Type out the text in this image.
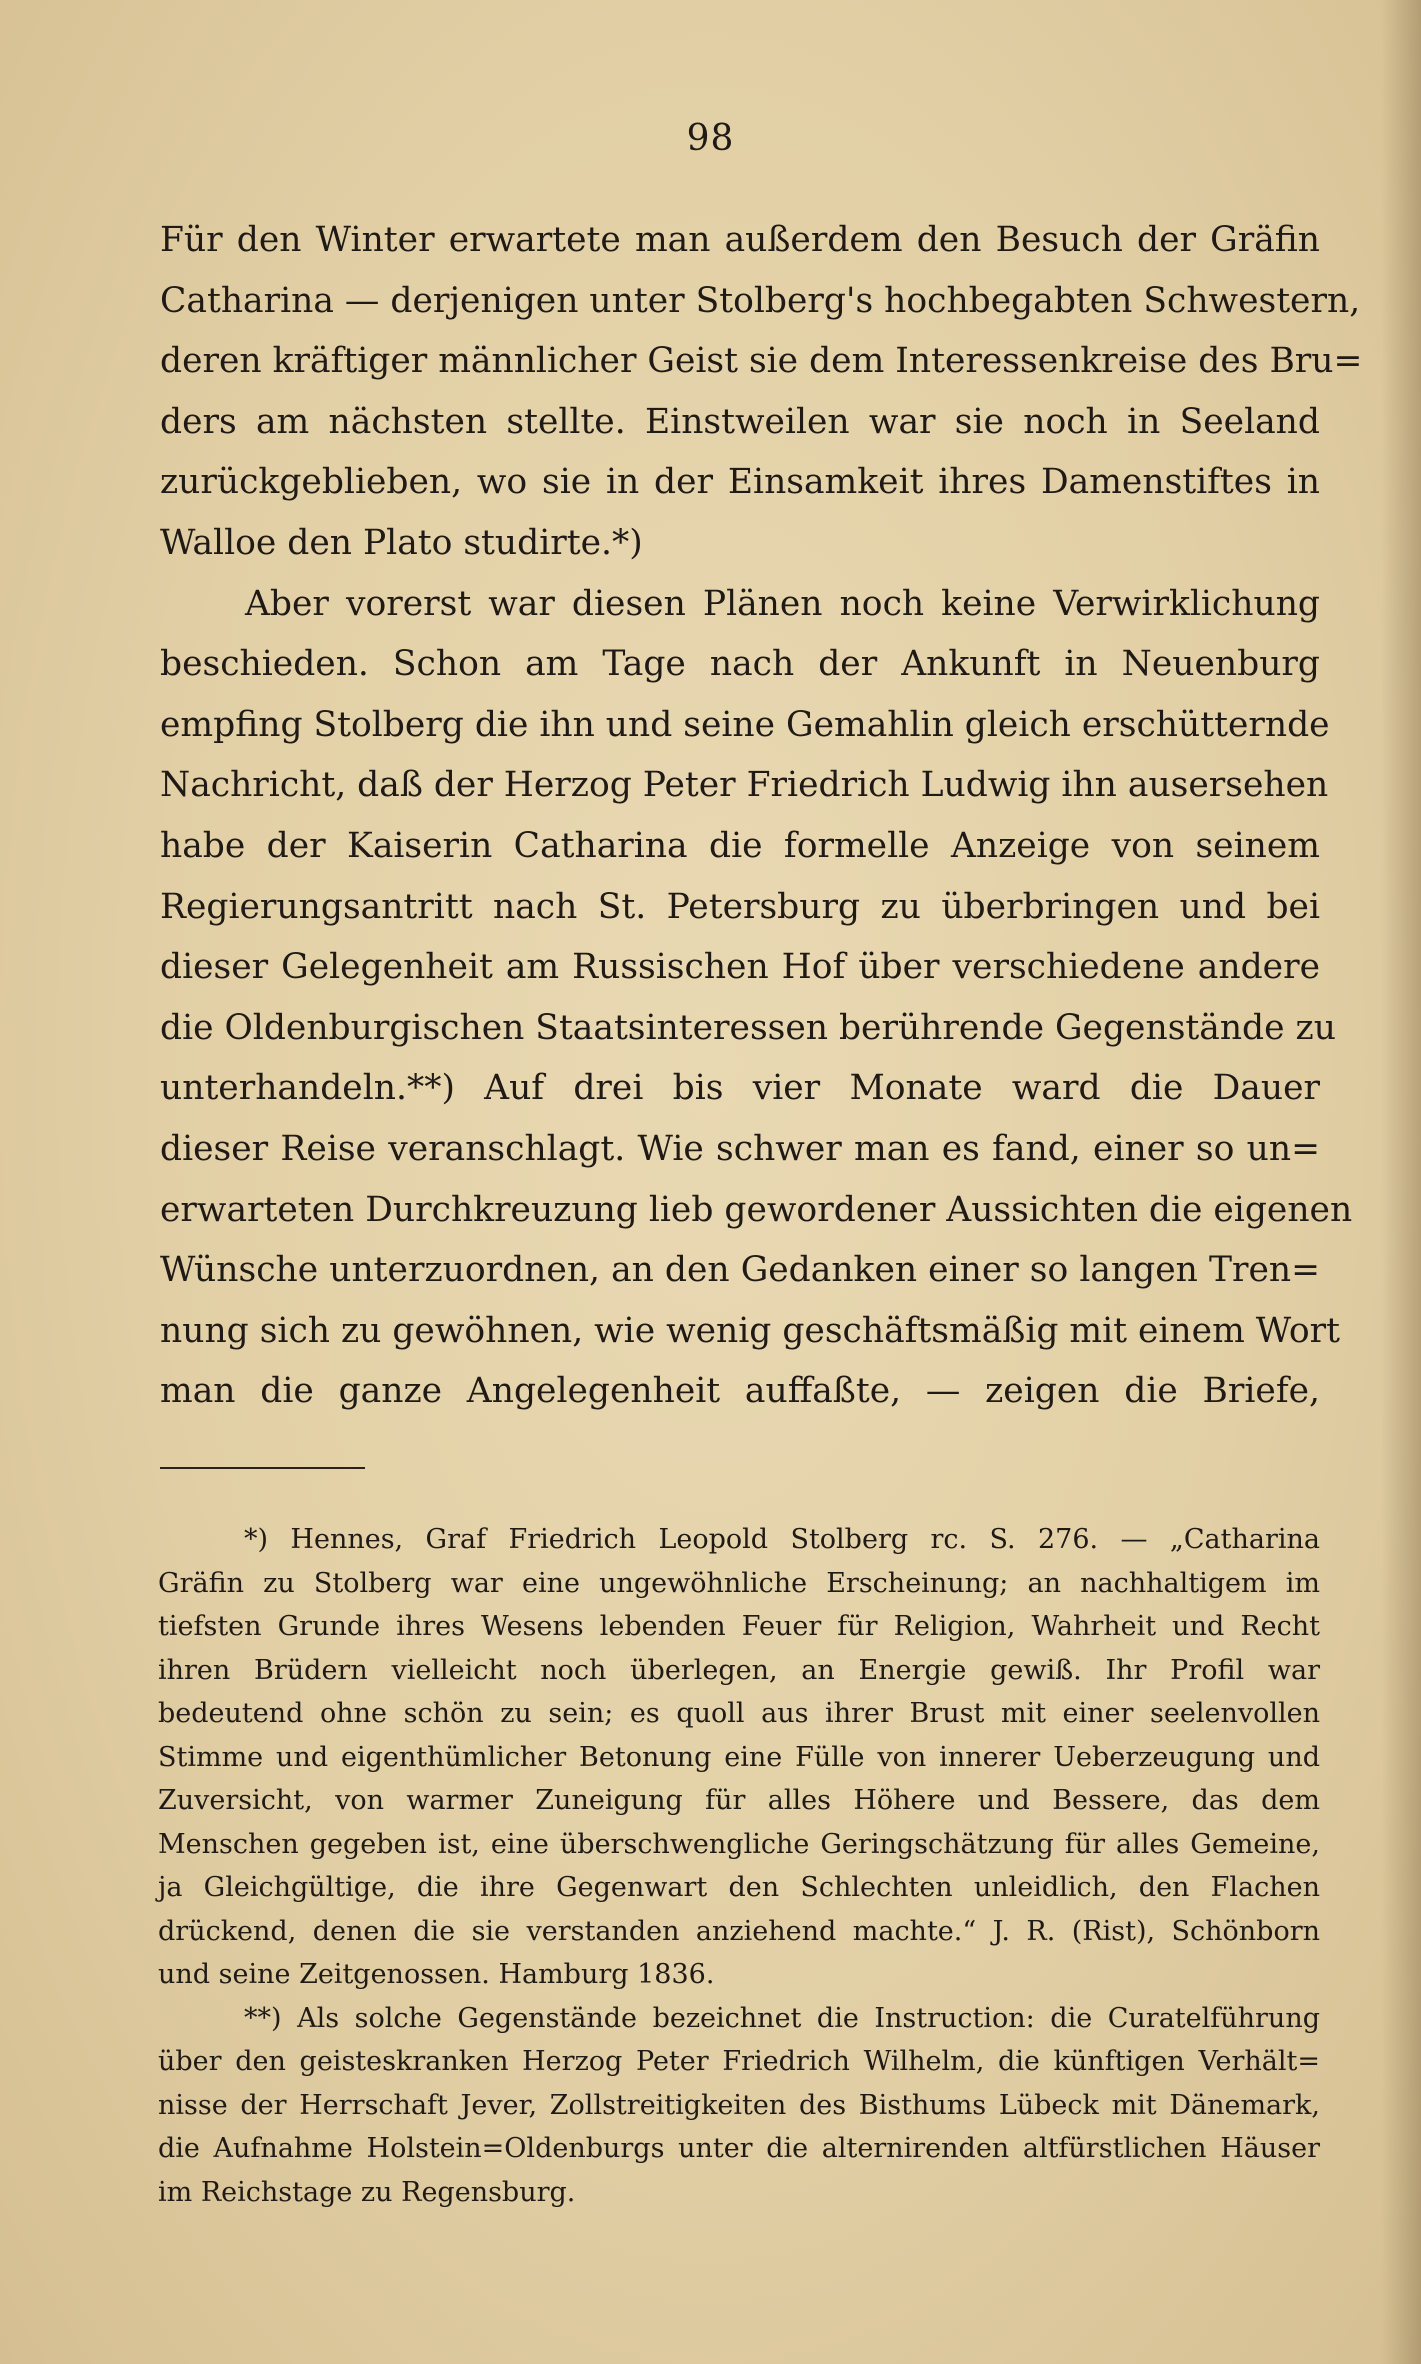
98
Für den Winter erwartete man außerdem den Besuch der Gräfin
Catharina — derjenigen unter Stolberg's hochbegabten Schwestern,
deren kräftiger männlicher Geist sie dem Interessenkreise des Bru=
ders am nächsten stellte. Einstweilen war sie noch in Seeland
zurückgeblieben, wo sie in der Einsamkeit ihres Damenstiftes in
Walloe den Plato studirte.*)
Aber vorerst war diesen Plänen noch keine Verwirklichung
beschieden. Schon am Tage nach der Ankunft in Neuenburg
empfing Stolberg die ihn und seine Gemahlin gleich erschütternde
Nachricht, daß der Herzog Peter Friedrich Ludwig ihn ausersehen
habe der Kaiserin Catharina die formelle Anzeige von seinem
Regierungsantritt nach St. Petersburg zu überbringen und bei
dieser Gelegenheit am Russischen Hof über verschiedene andere
die Oldenburgischen Staatsinteressen berührende Gegenstände zu
unterhandeln.**) Auf drei bis vier Monate ward die Dauer
dieser Reise veranschlagt. Wie schwer man es fand, einer so un=
erwarteten Durchkreuzung lieb gewordener Aussichten die eigenen
Wünsche unterzuordnen, an den Gedanken einer so langen Tren=
nung sich zu gewöhnen, wie wenig geschäftsmäßig mit einem Wort
man die ganze Angelegenheit auffaßte, — zeigen die Briefe,
*) Hennes, Graf Friedrich Leopold Stolberg rc. S. 276. — „Catharina
Gräfin zu Stolberg war eine ungewöhnliche Erscheinung; an nachhaltigem im
tiefsten Grunde ihres Wesens lebenden Feuer für Religion, Wahrheit und Recht
ihren Brüdern vielleicht noch überlegen, an Energie gewiß. Ihr Profil war
bedeutend ohne schön zu sein; es quoll aus ihrer Brust mit einer seelenvollen
Stimme und eigenthümlicher Betonung eine Fülle von innerer Ueberzeugung und
Zuversicht, von warmer Zuneigung für alles Höhere und Bessere, das dem
Menschen gegeben ist, eine überschwengliche Geringschätzung für alles Gemeine,
ja Gleichgültige, die ihre Gegenwart den Schlechten unleidlich, den Flachen
drückend, denen die sie verstanden anziehend machte.“ J. R. (Rist), Schönborn
und seine Zeitgenossen. Hamburg 1836.
**) Als solche Gegenstände bezeichnet die Instruction: die Curatelführung
über den geisteskranken Herzog Peter Friedrich Wilhelm, die künftigen Verhält=
nisse der Herrschaft Jever, Zollstreitigkeiten des Bisthums Lübeck mit Dänemark,
die Aufnahme Holstein=Oldenburgs unter die alternirenden altfürstlichen Häuser
im Reichstage zu Regensburg.
